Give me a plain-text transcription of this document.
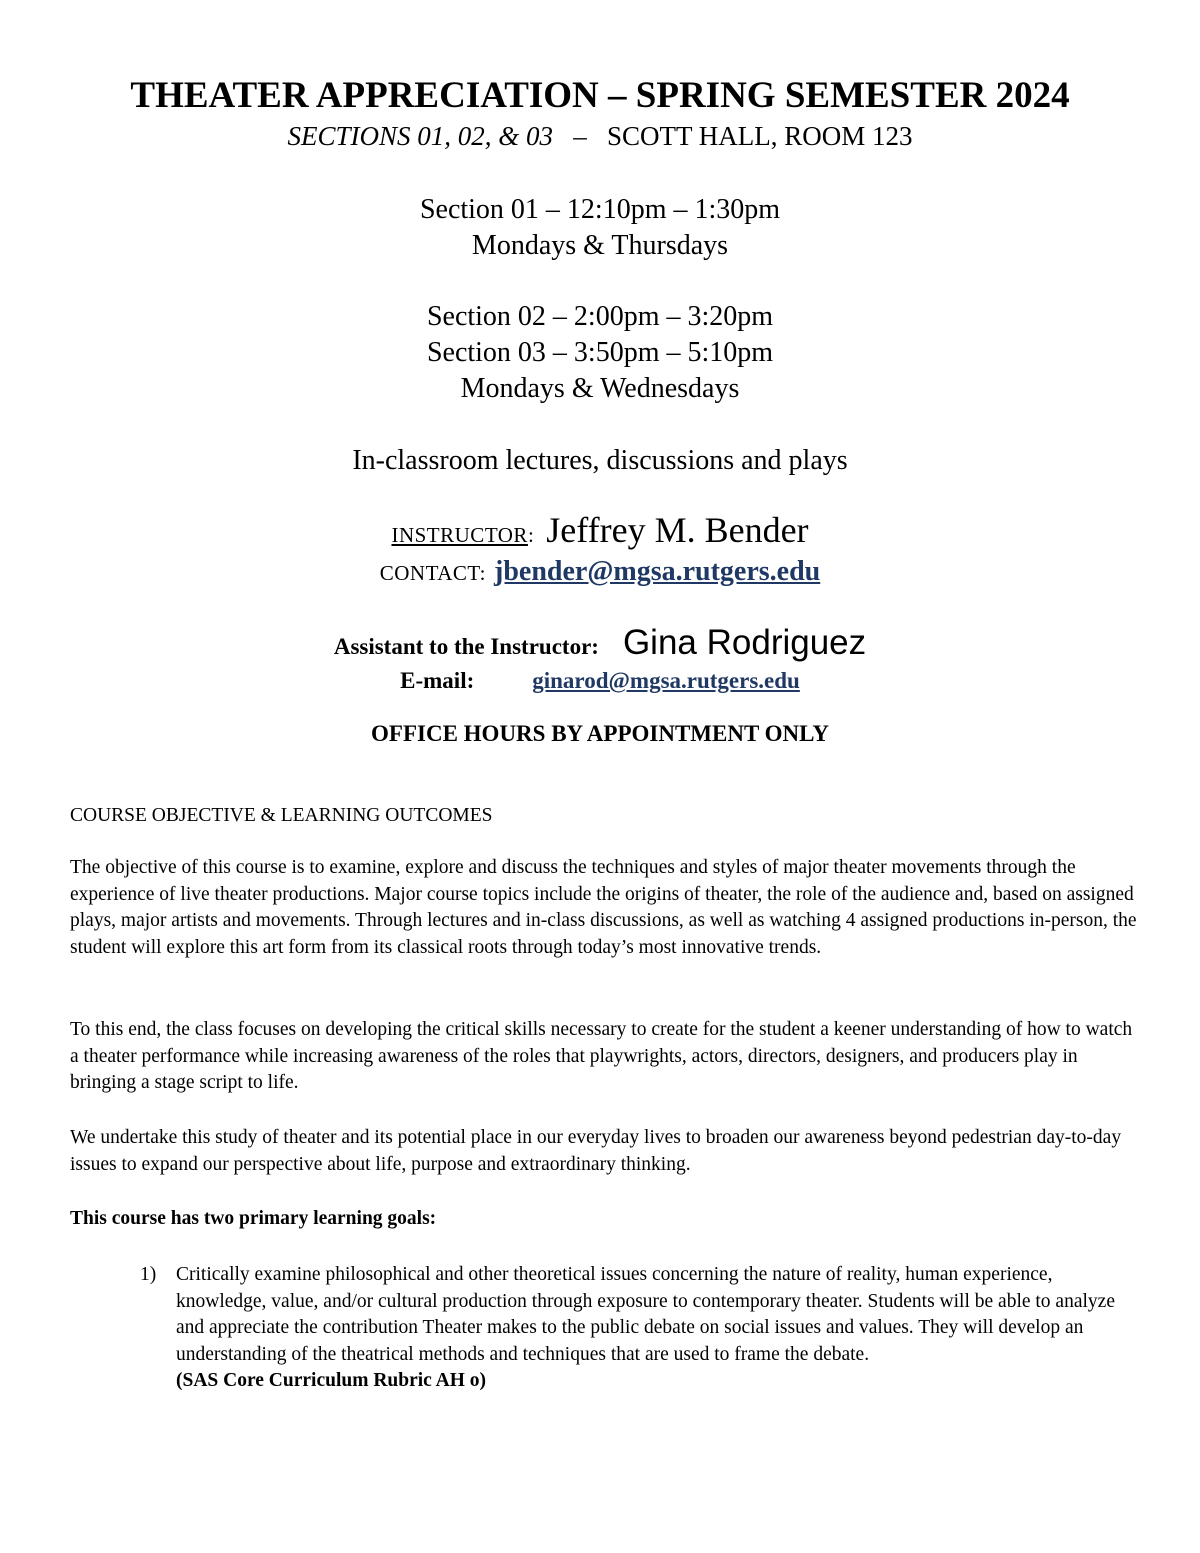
THEATER APPRECIATION – SPRING SEMESTER 2024
SECTIONS 01, 02, & 03 – SCOTT HALL, ROOM 123
Section 01 – 12:10pm – 1:30pm
Mondays & Thursdays
Section 02 – 2:00pm – 3:20pm
Section 03 – 3:50pm – 5:10pm
Mondays & Wednesdays
In-classroom lectures, discussions and plays
INSTRUCTOR: Jeffrey M. Bender
CONTACT: jbender@mgsa.rutgers.edu
Assistant to the Instructor: Gina Rodriguez
E-mail:	ginarod@mgsa.rutgers.edu
OFFICE HOURS BY APPOINTMENT ONLY
COURSE OBJECTIVE & LEARNING OUTCOMES
The objective of this course is to examine, explore and discuss the techniques and styles of major theater movements through the experience of live theater productions. Major course topics include the origins of theater, the role of the audience and, based on assigned plays, major artists and movements. Through lectures and in-class discussions, as well as watching 4 assigned productions in-person, the student will explore this art form from its classical roots through today’s most innovative trends.
To this end, the class focuses on developing the critical skills necessary to create for the student a keener understanding of how to watch a theater performance while increasing awareness of the roles that playwrights, actors, directors, designers, and producers play in bringing a stage script to life.
We undertake this study of theater and its potential place in our everyday lives to broaden our awareness beyond pedestrian day-to-day issues to expand our perspective about life, purpose and extraordinary thinking.
This course has two primary learning goals:
1) Critically examine philosophical and other theoretical issues concerning the nature of reality, human experience, knowledge, value, and/or cultural production through exposure to contemporary theater. Students will be able to analyze and appreciate the contribution Theater makes to the public debate on social issues and values. They will develop an understanding of the theatrical methods and techniques that are used to frame the debate.
(SAS Core Curriculum Rubric AH o)
